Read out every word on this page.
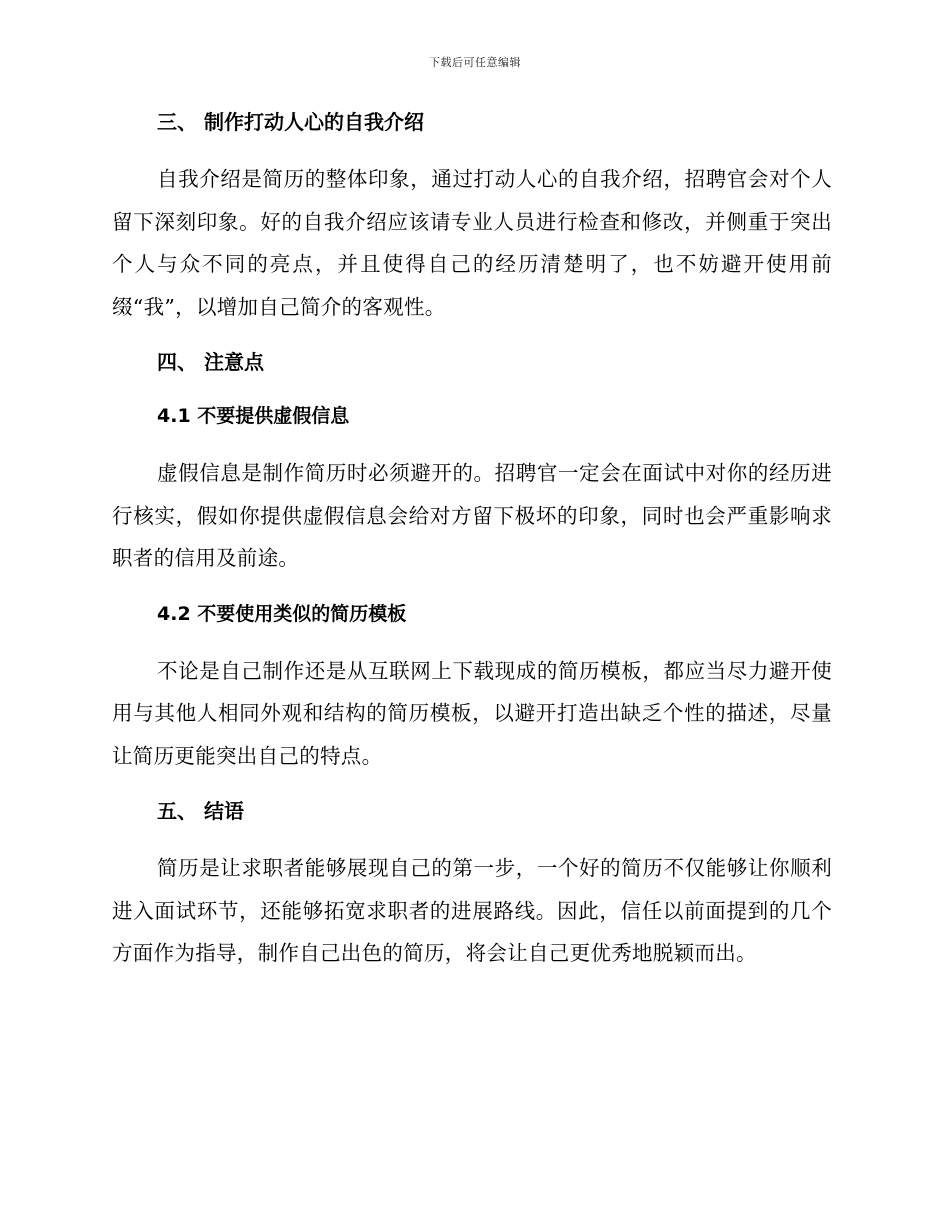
下载后可任意编辑
三、 制作打动人心的自我介绍

自我介绍是简历的整体印象，通过打动人心的自我介绍，招聘官会对个人留下深刻印象。好的自我介绍应该请专业人员进行检查和修改，并侧重于突出个人与众不同的亮点，并且使得自己的经历清楚明了，也不妨避开使用前缀“我”，以增加自己简介的客观性。

四、 注意点
4.1 不要提供虚假信息

虚假信息是制作简历时必须避开的。招聘官一定会在面试中对你的经历进行核实，假如你提供虚假信息会给对方留下极坏的印象，同时也会严重影响求职者的信用及前途。

4.2 不要使用类似的简历模板

不论是自己制作还是从互联网上下载现成的简历模板，都应当尽力避开使用与其他人相同外观和结构的简历模板，以避开打造出缺乏个性的描述，尽量让简历更能突出自己的特点。

五、 结语

简历是让求职者能够展现自己的第一步，一个好的简历不仅能够让你顺利进入面试环节，还能够拓宽求职者的进展路线。因此，信任以前面提到的几个方面作为指导，制作自己出色的简历，将会让自己更优秀地脱颖而出。
